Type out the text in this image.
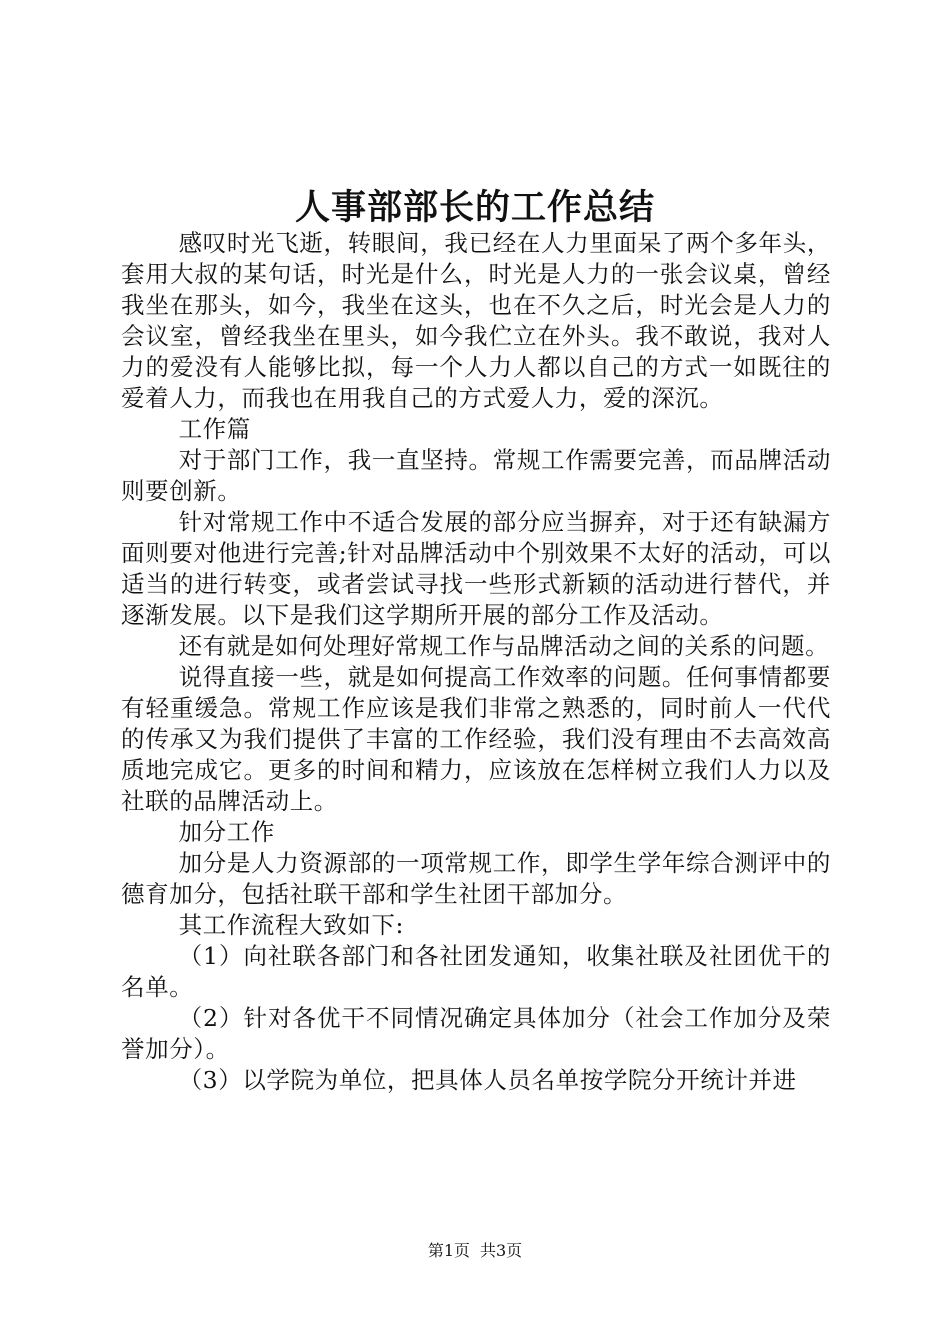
人事部部长的工作总结

感叹时光飞逝，转眼间，我已经在人力里面呆了两个多年头，套用大叔的某句话，时光是什么，时光是人力的一张会议桌，曾经我坐在那头，如今，我坐在这头，也在不久之后，时光会是人力的会议室，曾经我坐在里头，如今我伫立在外头。我不敢说，我对人力的爱没有人能够比拟，每一个人力人都以自己的方式一如既往的爱着人力，而我也在用我自己的方式爱人力，爱的深沉。

工作篇

对于部门工作，我一直坚持。常规工作需要完善，而品牌活动则要创新。

针对常规工作中不适合发展的部分应当摒弃，对于还有缺漏方面则要对他进行完善;针对品牌活动中个别效果不太好的活动，可以适当的进行转变，或者尝试寻找一些形式新颖的活动进行替代，并逐渐发展。以下是我们这学期所开展的部分工作及活动。

还有就是如何处理好常规工作与品牌活动之间的关系的问题。

说得直接一些，就是如何提高工作效率的问题。任何事情都要有轻重缓急。常规工作应该是我们非常之熟悉的，同时前人一代代的传承又为我们提供了丰富的工作经验，我们没有理由不去高效高质地完成它。更多的时间和精力，应该放在怎样树立我们人力以及社联的品牌活动上。

加分工作

加分是人力资源部的一项常规工作，即学生学年综合测评中的德育加分，包括社联干部和学生社团干部加分。

其工作流程大致如下:

（1）向社联各部门和各社团发通知，收集社联及社团优干的名单。

（2）针对各优干不同情况确定具体加分（社会工作加分及荣誉加分）。

（3）以学院为单位，把具体人员名单按学院分开统计并进

第1页 共3页
